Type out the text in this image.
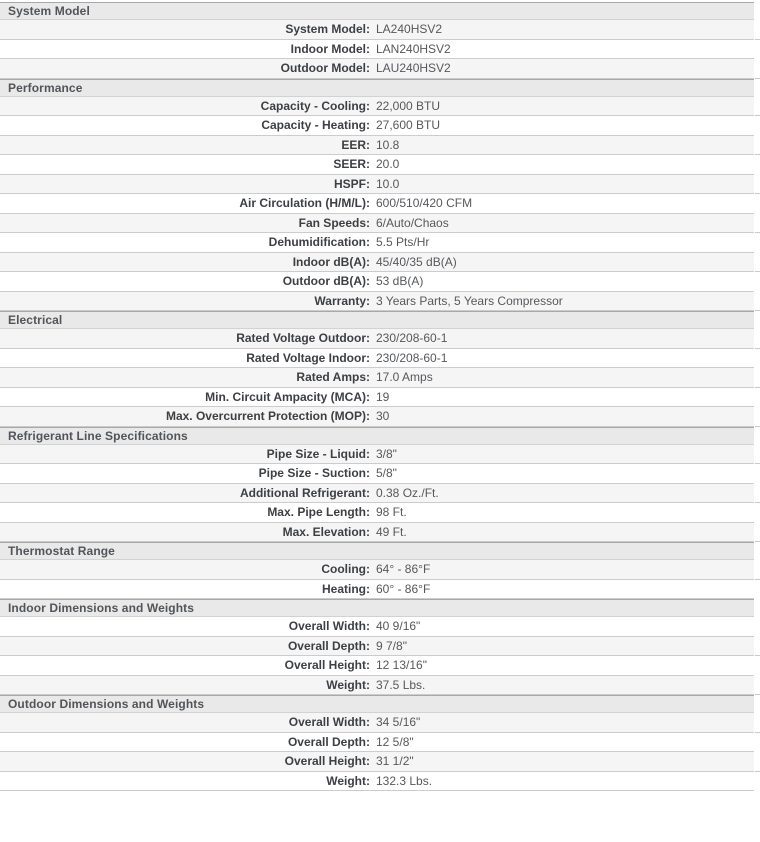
System Model
System Model: LA240HSV2
Indoor Model: LAN240HSV2
Outdoor Model: LAU240HSV2
Performance
Capacity - Cooling: 22,000 BTU
Capacity - Heating: 27,600 BTU
EER: 10.8
SEER: 20.0
HSPF: 10.0
Air Circulation (H/M/L): 600/510/420 CFM
Fan Speeds: 6/Auto/Chaos
Dehumidification: 5.5 Pts/Hr
Indoor dB(A): 45/40/35 dB(A)
Outdoor dB(A): 53 dB(A)
Warranty: 3 Years Parts, 5 Years Compressor
Electrical
Rated Voltage Outdoor: 230/208-60-1
Rated Voltage Indoor: 230/208-60-1
Rated Amps: 17.0 Amps
Min. Circuit Ampacity (MCA): 19
Max. Overcurrent Protection (MOP): 30
Refrigerant Line Specifications
Pipe Size - Liquid: 3/8"
Pipe Size - Suction: 5/8"
Additional Refrigerant: 0.38 Oz./Ft.
Max. Pipe Length: 98 Ft.
Max. Elevation: 49 Ft.
Thermostat Range
Cooling: 64° - 86°F
Heating: 60° - 86°F
Indoor Dimensions and Weights
Overall Width: 40 9/16"
Overall Depth: 9 7/8"
Overall Height: 12 13/16"
Weight: 37.5 Lbs.
Outdoor Dimensions and Weights
Overall Width: 34 5/16"
Overall Depth: 12 5/8"
Overall Height: 31 1/2"
Weight: 132.3 Lbs.
